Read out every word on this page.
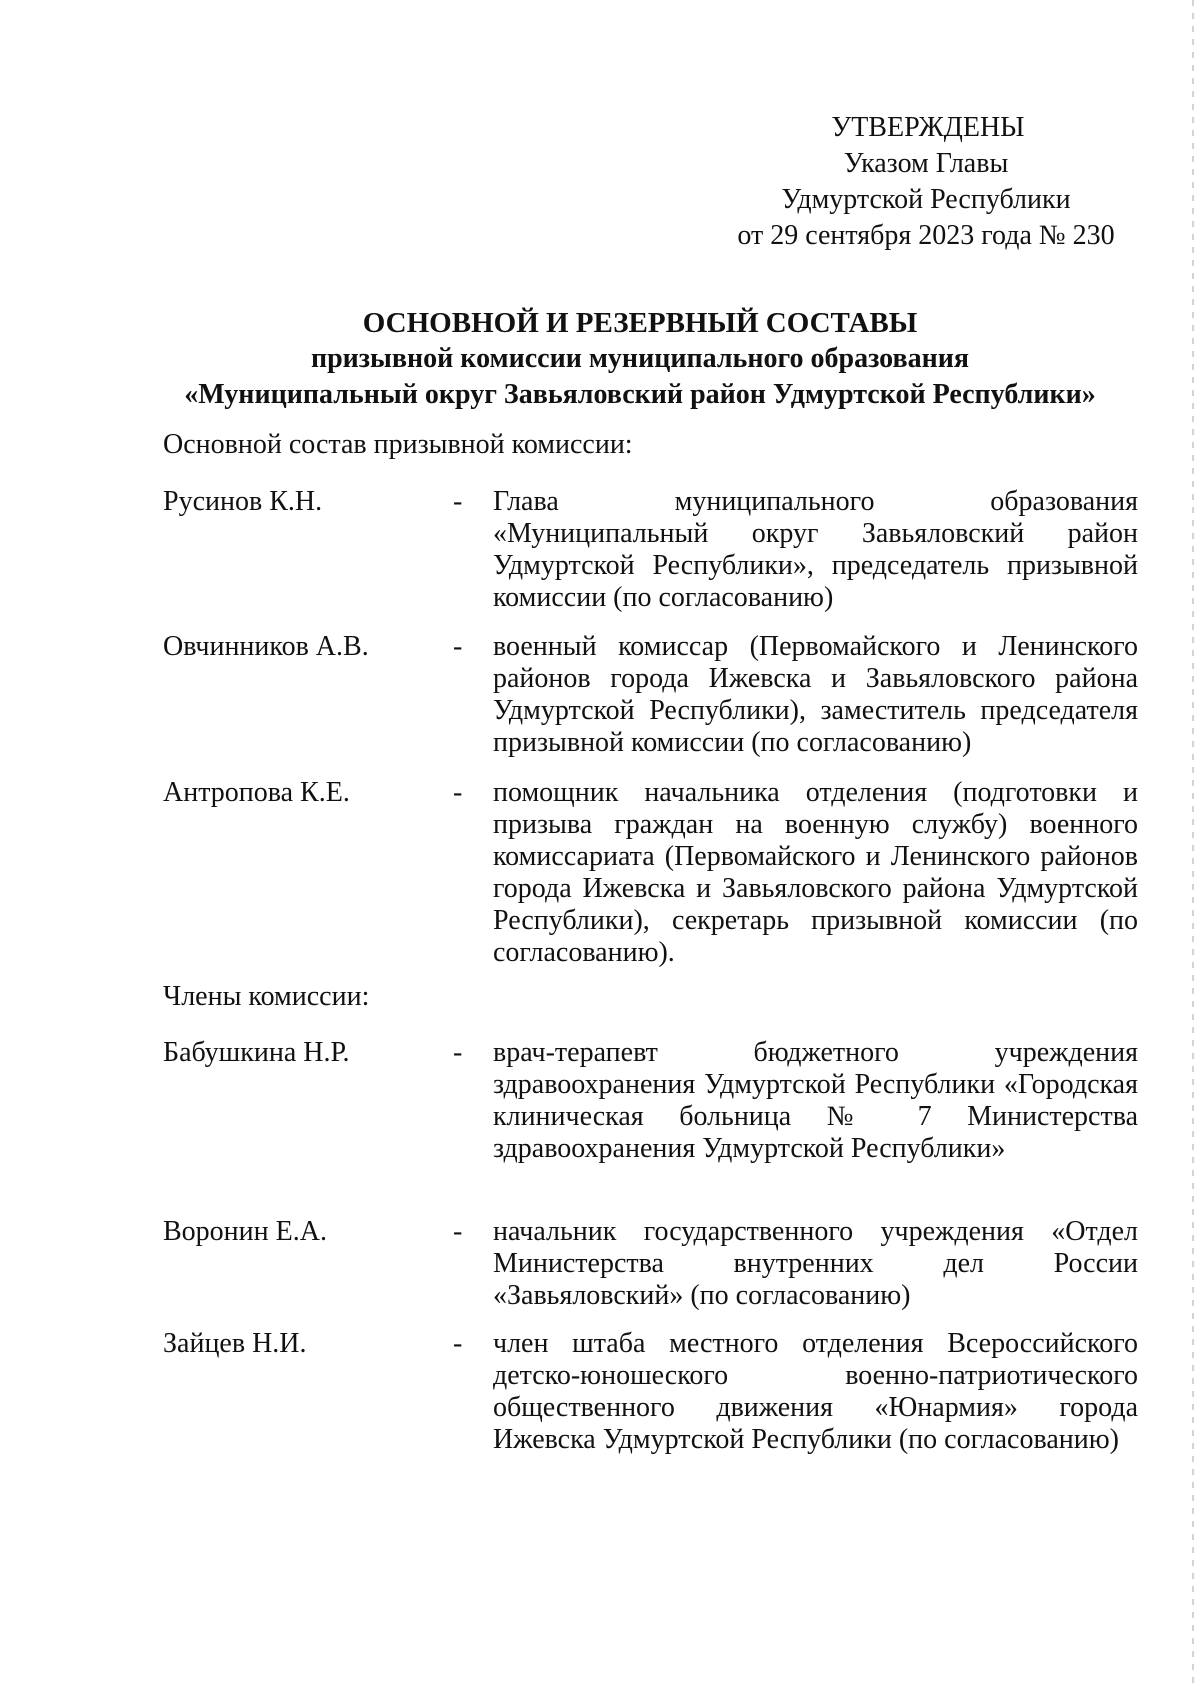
УТВЕРЖДЕНЫ
Указом Главы
Удмуртской Республики
от 29 сентября 2023 года № 230
ОСНОВНОЙ И РЕЗЕРВНЫЙ СОСТАВЫ
призывной комиссии муниципального образования
«Муниципальный округ Завьяловский район Удмуртской Республики»
Основной состав призывной комиссии:
Русинов К.Н.	- Глава муниципального образования «Муниципальный округ Завьяловский район Удмуртской Республики», председатель призывной комиссии (по согласованию)
Овчинников А.В.	- военный комиссар (Первомайского и Ленинского районов города Ижевска и Завьяловского района Удмуртской Республики), заместитель председателя призывной комиссии (по согласованию)
Антропова К.Е.	- помощник начальника отделения (подготовки и призыва граждан на военную службу) военного комиссариата (Первомайского и Ленинского районов города Ижевска и Завьяловского района Удмуртской Республики), секретарь призывной комиссии (по согласованию).
Члены комиссии:
Бабушкина Н.Р.	- врач-терапевт бюджетного учреждения здравоохранения Удмуртской Республики «Городская клиническая больница № 7 Министерства здравоохранения Удмуртской Республики»
Воронин Е.А.	- начальник государственного учреждения «Отдел Министерства внутренних дел России «Завьяловский» (по согласованию)
Зайцев Н.И.	- член штаба местного отделения Всероссийского детско-юношеского военно-патриотического общественного движения «Юнармия» города Ижевска Удмуртской Республики (по согласованию)
